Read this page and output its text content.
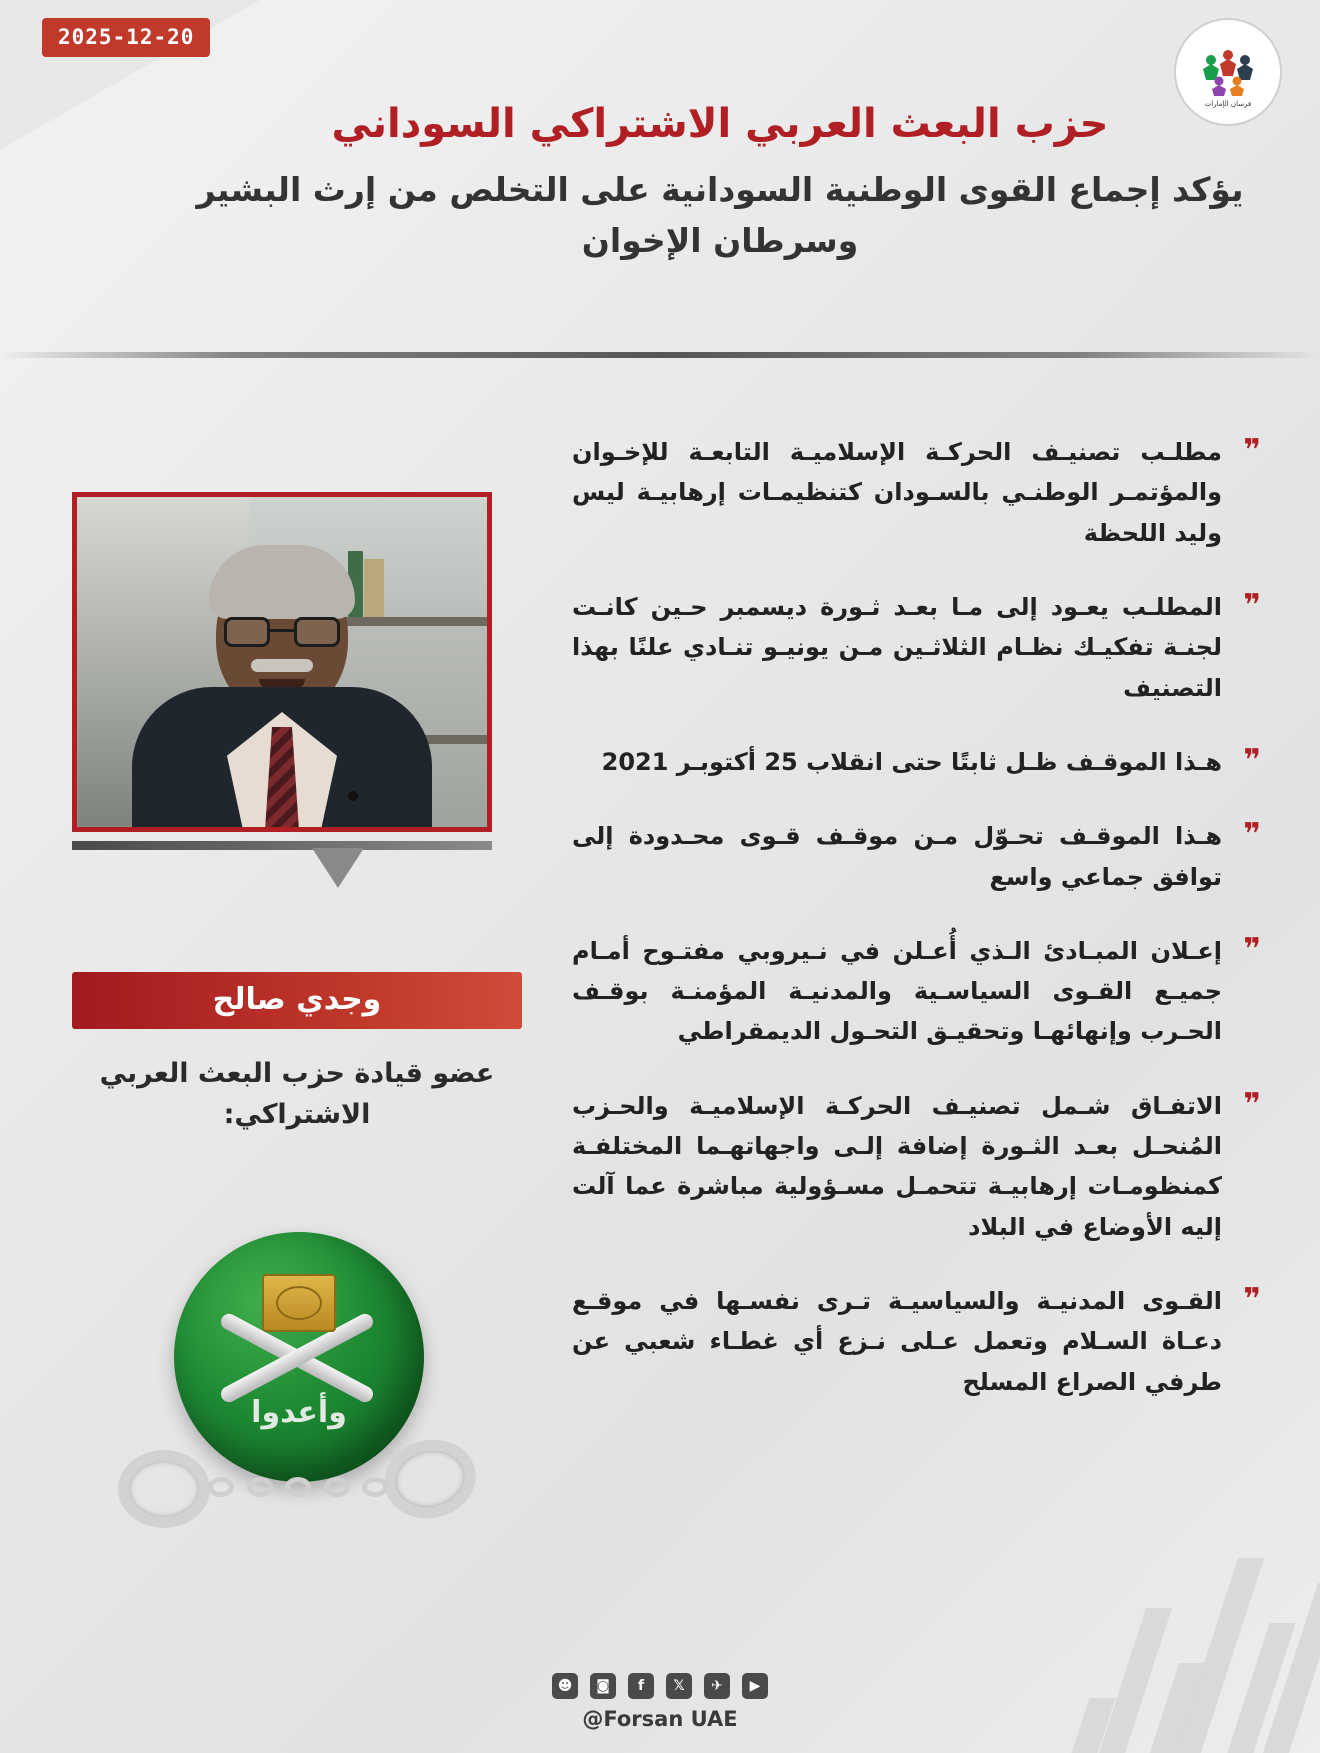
2025-12-20
فرسان الإمارات
حزب البعث العربي الاشتراكي السوداني
يؤكد إجماع القوى الوطنية السودانية على التخلص من إرث البشير وسرطان الإخوان
❞
مطلـب تصنيـف الحركـة الإسلاميـة التابعـة للإخـوان والمؤتمـر الوطنـي بالسـودان كتنظيمـات إرهابيـة ليس وليد اللحظة
❞
المطلـب يعـود إلى مـا بعـد ثـورة ديسمبر حـين كانـت لجنـة تفكيـك نظـام الثلاثـين مـن يونيـو تنـادي علنًا بهذا التصنيف
❞
هـذا الموقـف ظـل ثابتًا حتى انقلاب 25 أكتوبـر 2021
❞
هـذا الموقـف تحـوّل مـن موقـف قـوى محـدودة إلى توافق جماعي واسع
❞
إعـلان المبـادئ الـذي أُعـلن في نـيروبي مفتـوح أمـام جميـع القـوى السياسـية والمدنيـة المؤمنـة بوقـف الحـرب وإنهائهـا وتحقيـق التحـول الديمقراطي
❞
الاتفـاق شـمل تصنيـف الحركـة الإسلاميـة والحـزب المُنحـل بعـد الثـورة إضافة إلـى واجهاتهـما المختلفـة كمنظومـات إرهابيـة تتحمـل مسـؤولية مباشرة عما آلت إليه الأوضاع في البلاد
❞
القـوى المدنيـة والسياسيـة تـرى نفسـها في موقـع دعـاة السـلام وتعمل عـلى نـزع أي غطـاء شعبي عن طرفي الصراع المسلح
وجدي صالح
عضو قيادة حزب البعث العربي الاشتراكي:
وأعدوا
▶
✈
𝕏
f
◙
☻
@Forsan UAE
